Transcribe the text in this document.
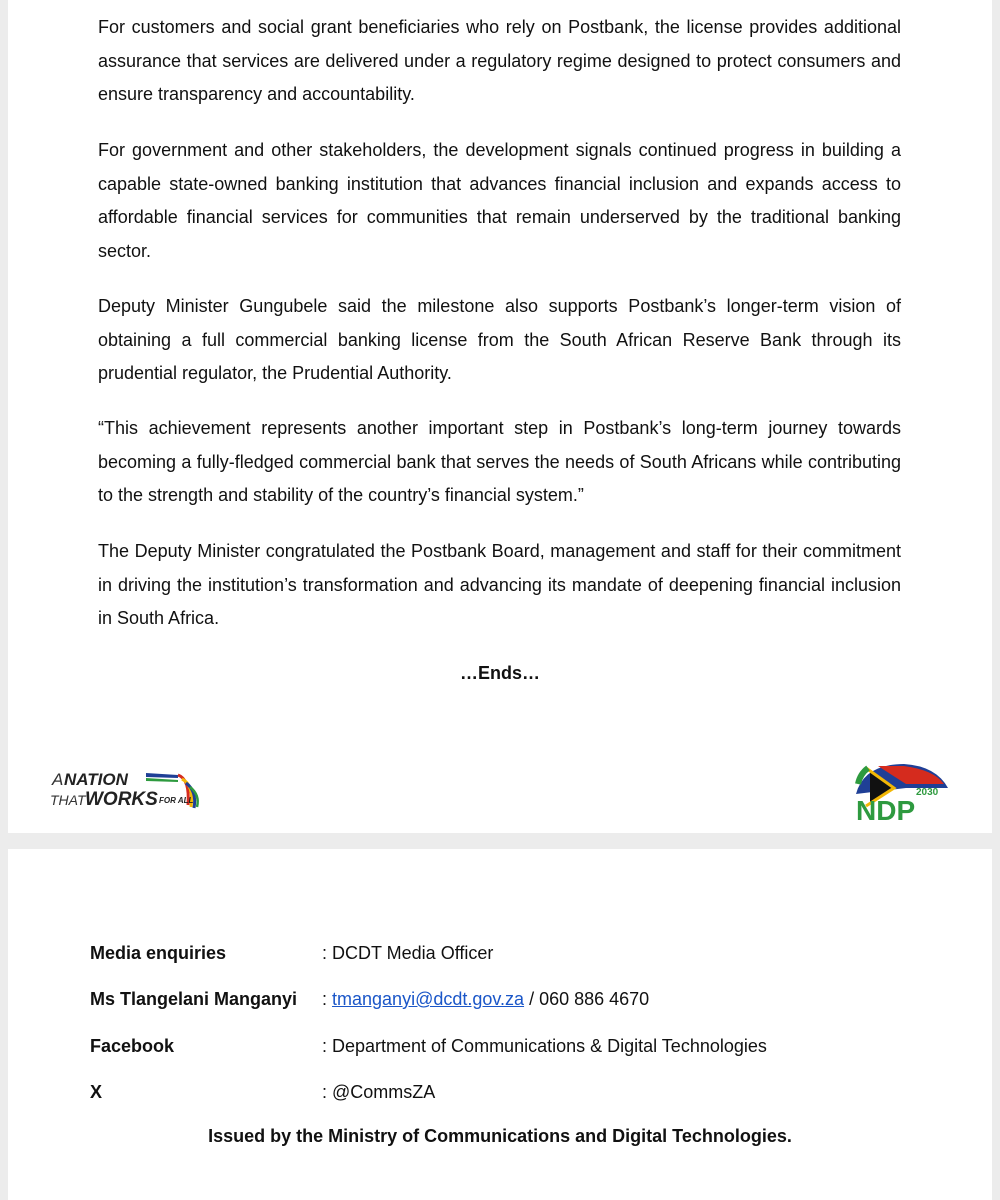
For customers and social grant beneficiaries who rely on Postbank, the license provides additional assurance that services are delivered under a regulatory regime designed to protect consumers and ensure transparency and accountability.

For government and other stakeholders, the development signals continued progress in building a capable state-owned banking institution that advances financial inclusion and expands access to affordable financial services for communities that remain underserved by the traditional banking sector.

Deputy Minister Gungubele said the milestone also supports Postbank’s longer-term vision of obtaining a full commercial banking license from the South African Reserve Bank through its prudential regulator, the Prudential Authority.

“This achievement represents another important step in Postbank’s long-term journey towards becoming a fully-fledged commercial bank that serves the needs of South Africans while contributing to the strength and stability of the country’s financial system.”

The Deputy Minister congratulated the Postbank Board, management and staff for their commitment in driving the institution’s transformation and advancing its mandate of deepening financial inclusion in South Africa.

…Ends…
A NATION
THAT WORKS FOR ALL
2030
NDP
Media enquiries	: DCDT Media Officer
Ms Tlangelani Manganyi : tmanganyi@dcdt.gov.za / 060 886 4670
Facebook	: Department of Communications & Digital Technologies
X	: @CommsZA
Issued by the Ministry of Communications and Digital Technologies.
